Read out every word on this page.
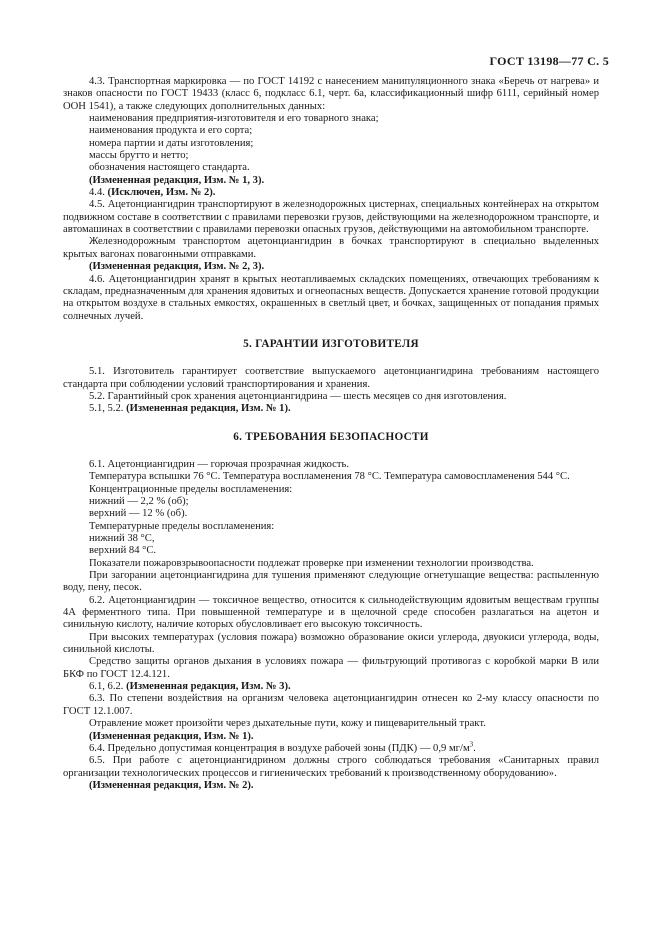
ГОСТ 13198—77 С. 5

4.3. Транспортная маркировка — по ГОСТ 14192 с нанесением манипуляционного знака «Беречь от нагрева» и знаков опасности по ГОСТ 19433 (класс 6, подкласс 6.1, черт. 6а, классификационный шифр 6111, серийный номер ООН 1541), а также следующих дополнительных данных:

наименования предприятия-изготовителя и его товарного знака;

наименования продукта и его сорта;

номера партии и даты изготовления;

массы брутто и нетто;

обозначения настоящего стандарта.

(Измененная редакция, Изм. № 1, 3).

4.4. (Исключен, Изм. № 2).

4.5. Ацетонциангидрин транспортируют в железнодорожных цистернах, специальных контейнерах на открытом подвижном составе в соответствии с правилами перевозки грузов, действующими на железнодорожном транспорте, и автомашинах в соответствии с правилами перевозки опасных грузов, действующими на автомобильном транспорте.

Железнодорожным транспортом ацетонциангидрин в бочках транспортируют в специально выделенных крытых вагонах повагонными отправками.

(Измененная редакция, Изм. № 2, 3).

4.6. Ацетонциангидрин хранят в крытых неотапливаемых складских помещениях, отвечающих требованиям к складам, предназначенным для хранения ядовитых и огнеопасных веществ. Допускается хранение готовой продукции на открытом воздухе в стальных емкостях, окрашенных в светлый цвет, и бочках, защищенных от попадания прямых солнечных лучей.

5. ГАРАНТИИ ИЗГОТОВИТЕЛЯ

5.1. Изготовитель гарантирует соответствие выпускаемого ацетонциангидрина требованиям настоящего стандарта при соблюдении условий транспортирования и хранения.

5.2. Гарантийный срок хранения ацетонциангидрина — шесть месяцев со дня изготовления.

5.1, 5.2. (Измененная редакция, Изм. № 1).

6. ТРЕБОВАНИЯ БЕЗОПАСНОСТИ

6.1. Ацетонциангидрин — горючая прозрачная жидкость.

Температура вспышки 76 °С. Температура воспламенения 78 °С. Температура самовоспламенения 544 °С.

Концентрационные пределы воспламенения:

нижний — 2,2 % (об);

верхний — 12 % (об).

Температурные пределы воспламенения:

нижний 38 °С,

верхний 84 °С.

Показатели пожаровзрывоопасности подлежат проверке при изменении технологии производства.

При загорании ацетонциангидрина для тушения применяют следующие огнетушащие вещества: распыленную воду, пену, песок.

6.2. Ацетонциангидрин — токсичное вещество, относится к сильнодействующим ядовитым веществам группы 4А ферментного типа. При повышенной температуре и в щелочной среде способен разлагаться на ацетон и синильную кислоту, наличие которых обусловливает его высокую токсичность.

При высоких температурах (условия пожара) возможно образование окиси углерода, двуокиси углерода, воды, синильной кислоты.

Средство защиты органов дыхания в условиях пожара — фильтрующий противогаз с коробкой марки В или БКФ по ГОСТ 12.4.121.

6.1, 6.2. (Измененная редакция, Изм. № 3).

6.3. По степени воздействия на организм человека ацетонциангидрин отнесен ко 2-му классу опасности по ГОСТ 12.1.007.

Отравление может произойти через дыхательные пути, кожу и пищеварительный тракт.

(Измененная редакция, Изм. № 1).

6.4. Предельно допустимая концентрация в воздухе рабочей зоны (ПДК) — 0,9 $мг/м^3$.

6.5. При работе с ацетонциангидрином должны строго соблюдаться требования «Санитарных правил организации технологических процессов и гигиенических требований к производственному оборудованию».

(Измененная редакция, Изм. № 2).
